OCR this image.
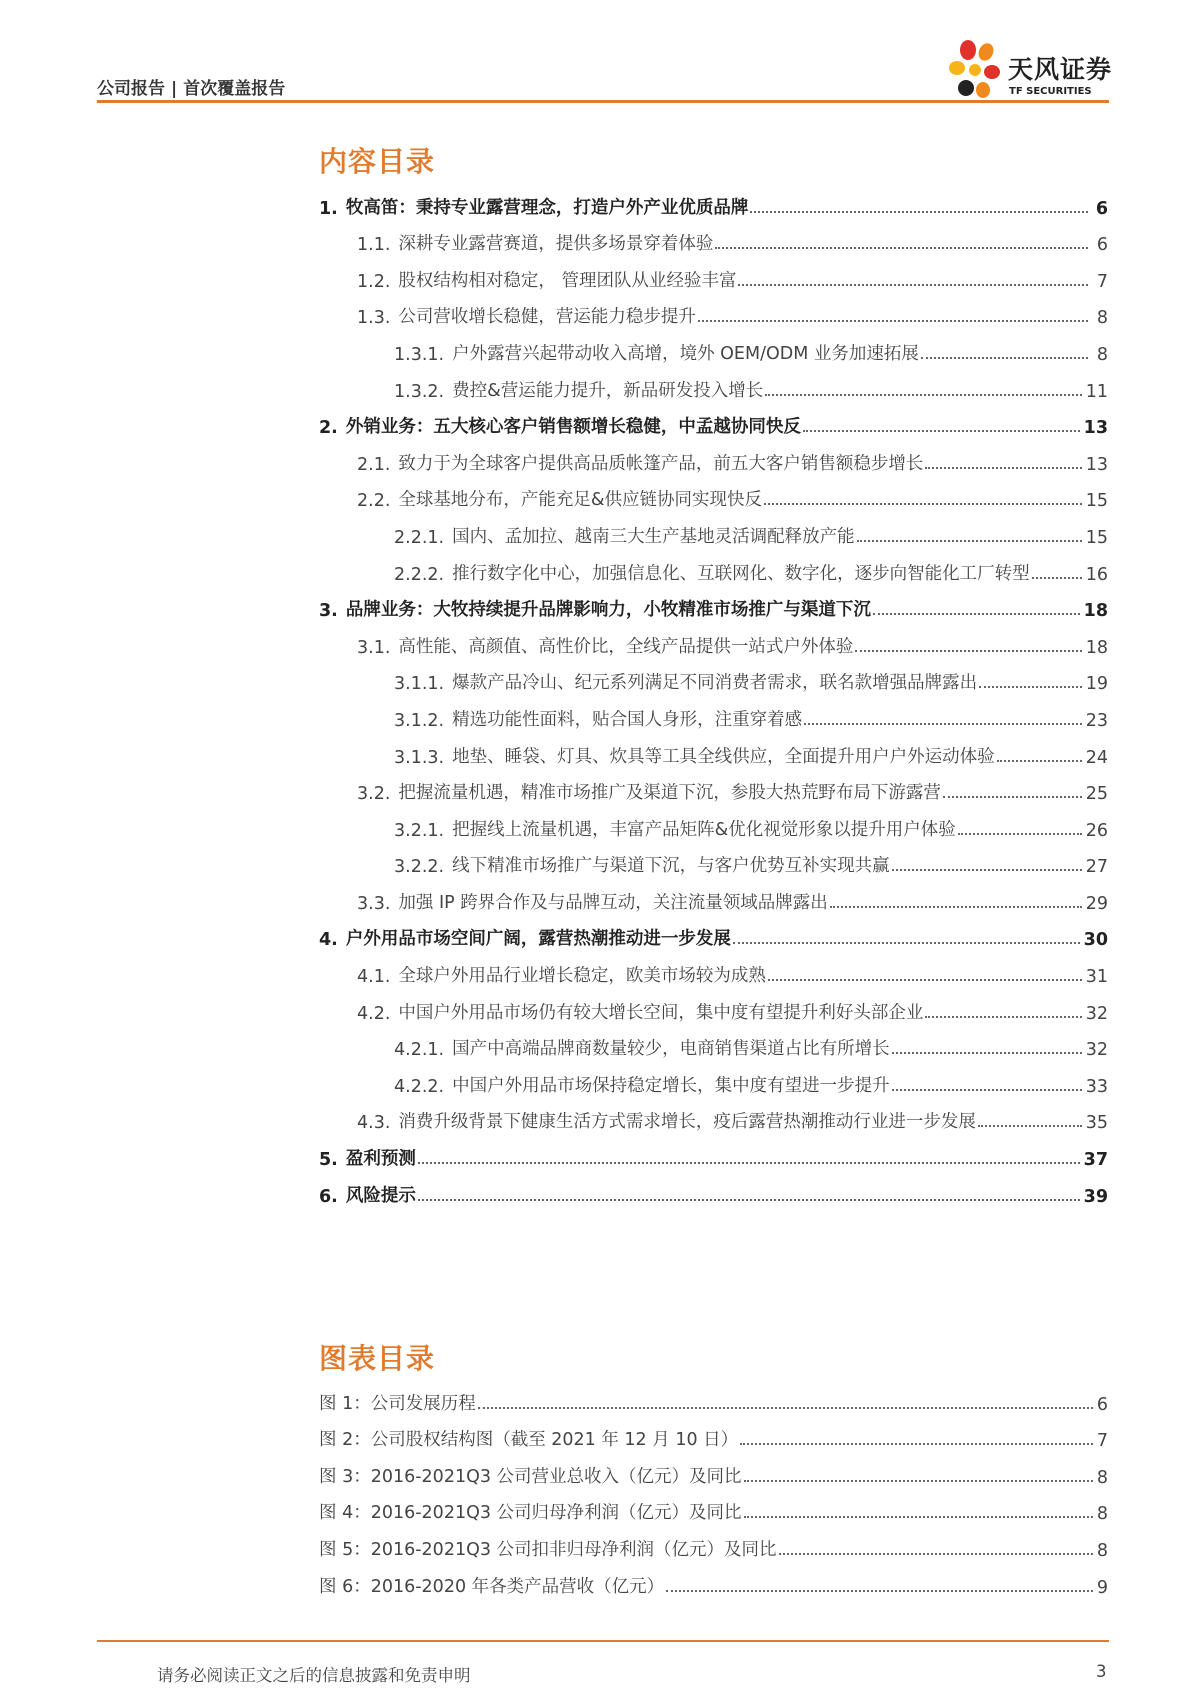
公司报告 | 首次覆盖报告
天风证券
TF SECURITIES
内容目录
1. 牧高笛：秉持专业露营理念，打造户外产业优质品牌	6
1.1. 深耕专业露营赛道，提供多场景穿着体验	6
1.2. 股权结构相对稳定， 管理团队从业经验丰富	7
1.3. 公司营收增长稳健，营运能力稳步提升	8
1.3.1. 户外露营兴起带动收入高增，境外 OEM/ODM 业务加速拓展	8
1.3.2. 费控&营运能力提升，新品研发投入增长	11
2. 外销业务：五大核心客户销售额增长稳健，中孟越协同快反	13
2.1. 致力于为全球客户提供高品质帐篷产品，前五大客户销售额稳步增长	13
2.2. 全球基地分布，产能充足&供应链协同实现快反	15
2.2.1. 国内、孟加拉、越南三大生产基地灵活调配释放产能	15
2.2.2. 推行数字化中心，加强信息化、互联网化、数字化，逐步向智能化工厂转型	16
3. 品牌业务：大牧持续提升品牌影响力，小牧精准市场推广与渠道下沉	18
3.1. 高性能、高颜值、高性价比，全线产品提供一站式户外体验	18
3.1.1. 爆款产品冷山、纪元系列满足不同消费者需求，联名款增强品牌露出	19
3.1.2. 精选功能性面料，贴合国人身形，注重穿着感	23
3.1.3. 地垫、睡袋、灯具、炊具等工具全线供应，全面提升用户户外运动体验	24
3.2. 把握流量机遇，精准市场推广及渠道下沉，参股大热荒野布局下游露营	25
3.2.1. 把握线上流量机遇，丰富产品矩阵&优化视觉形象以提升用户体验	26
3.2.2. 线下精准市场推广与渠道下沉，与客户优势互补实现共赢	27
3.3. 加强 IP 跨界合作及与品牌互动，关注流量领域品牌露出	29
4. 户外用品市场空间广阔，露营热潮推动进一步发展	30
4.1. 全球户外用品行业增长稳定，欧美市场较为成熟	31
4.2. 中国户外用品市场仍有较大增长空间，集中度有望提升利好头部企业	32
4.2.1. 国产中高端品牌商数量较少，电商销售渠道占比有所增长	32
4.2.2. 中国户外用品市场保持稳定增长，集中度有望进一步提升	33
4.3. 消费升级背景下健康生活方式需求增长，疫后露营热潮推动行业进一步发展	35
5. 盈利预测	37
6. 风险提示	39
图表目录
图 1：公司发展历程	6
图 2：公司股权结构图（截至 2021 年 12 月 10 日）	7
图 3：2016-2021Q3 公司营业总收入（亿元）及同比	8
图 4：2016-2021Q3 公司归母净利润（亿元）及同比	8
图 5：2016-2021Q3 公司扣非归母净利润（亿元）及同比	8
图 6：2016-2020 年各类产品营收（亿元）	9
请务必阅读正文之后的信息披露和免责申明	3
